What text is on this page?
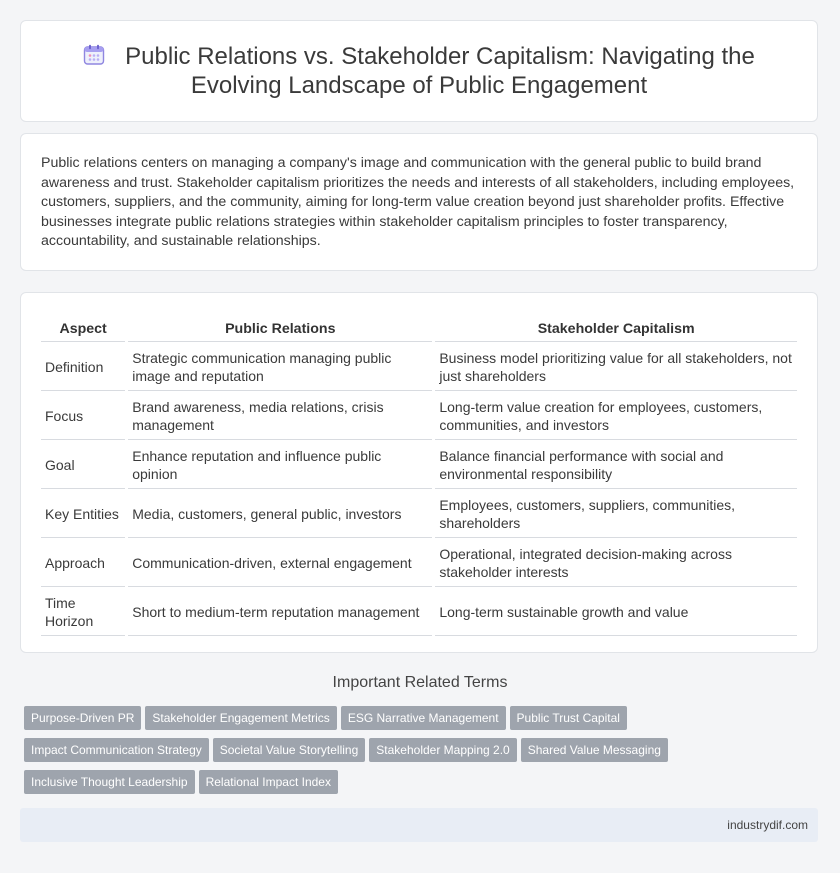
Public Relations vs. Stakeholder Capitalism: Navigating the Evolving Landscape of Public Engagement

Public relations centers on managing a company's image and communication with the general public to build brand awareness and trust. Stakeholder capitalism prioritizes the needs and interests of all stakeholders, including employees, customers, suppliers, and the community, aiming for long-term value creation beyond just shareholder profits. Effective businesses integrate public relations strategies within stakeholder capitalism principles to foster transparency, accountability, and sustainable relationships.

Aspect	Public Relations	Stakeholder Capitalism
Definition	Strategic communication managing public image and reputation	Business model prioritizing value for all stakeholders, not just shareholders
Focus	Brand awareness, media relations, crisis management	Long-term value creation for employees, customers, communities, and investors
Goal	Enhance reputation and influence public opinion	Balance financial performance with social and environmental responsibility
Key Entities	Media, customers, general public, investors	Employees, customers, suppliers, communities, shareholders
Approach	Communication-driven, external engagement	Operational, integrated decision-making across stakeholder interests
Time Horizon	Short to medium-term reputation management	Long-term sustainable growth and value
Important Related Terms
Purpose-Driven PR Stakeholder Engagement Metrics ESG Narrative Management Public Trust Capital
Impact Communication Strategy Societal Value Storytelling Stakeholder Mapping 2.0 Shared Value Messaging
Inclusive Thought Leadership Relational Impact Index
industrydif.com
